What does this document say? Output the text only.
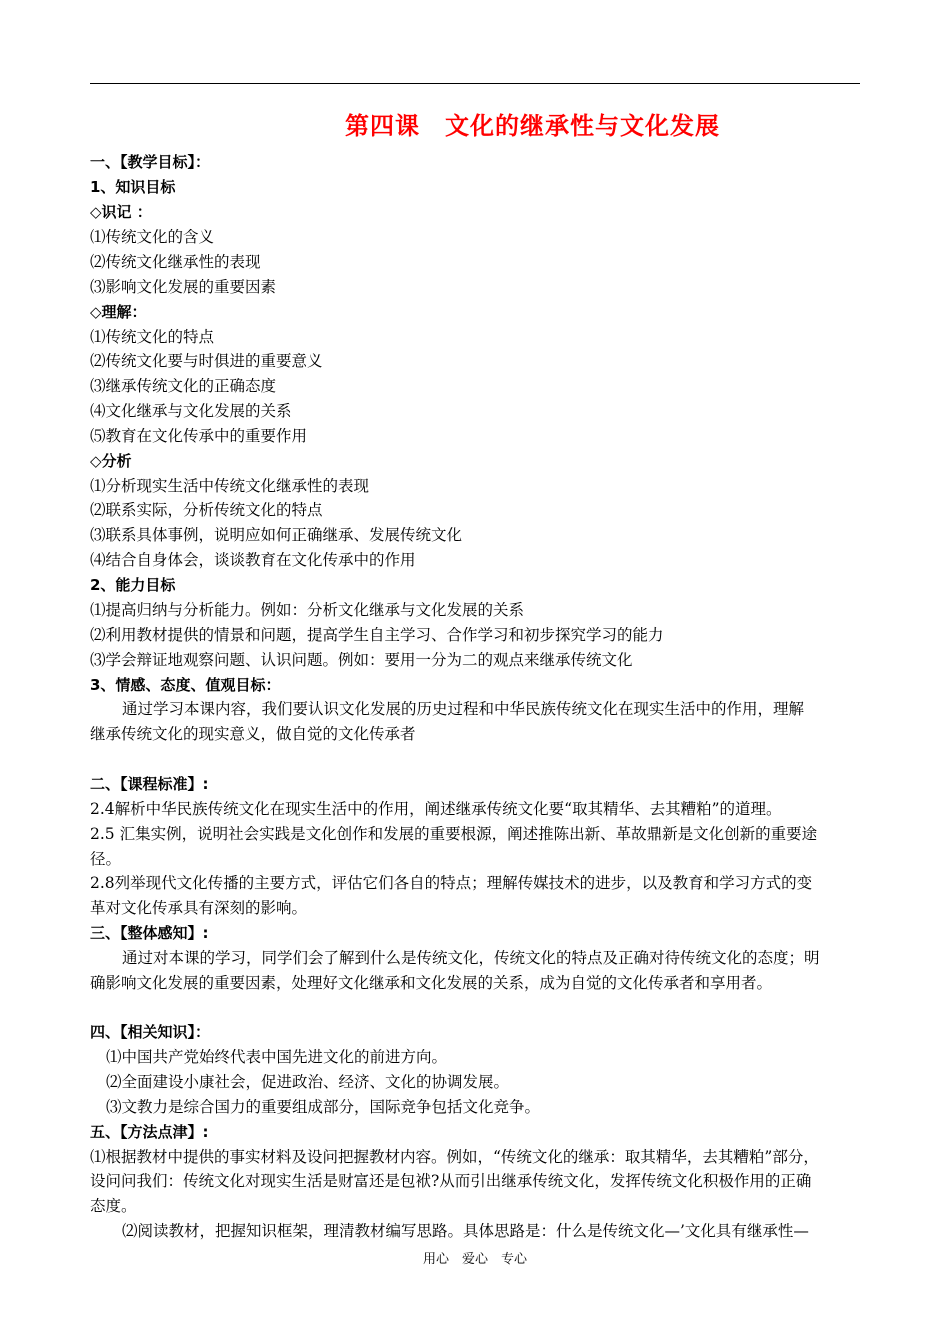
第四课　文化的继承性与文化发展
一、【教学目标】：
1、知识目标
◇识记 ：
⑴传统文化的含义
⑵传统文化继承性的表现
⑶影响文化发展的重要因素
◇理解：
⑴传统文化的特点
⑵传统文化要与时俱进的重要意义
⑶继承传统文化的正确态度
⑷文化继承与文化发展的关系
⑸教育在文化传承中的重要作用
◇分析
⑴分析现实生活中传统文化继承性的表现
⑵联系实际，分析传统文化的特点
⑶联系具体事例，说明应如何正确继承、发展传统文化
⑷结合自身体会，谈谈教育在文化传承中的作用
2、能力目标
⑴提高归纳与分析能力。例如：分析文化继承与文化发展的关系
⑵利用教材提供的情景和问题，提高学生自主学习、合作学习和初步探究学习的能力
⑶学会辩证地观察问题、认识问题。例如：要用一分为二的观点来继承传统文化
3、情感、态度、值观目标：
通过学习本课内容，我们要认识文化发展的历史过程和中华民族传统文化在现实生活中的作用，理解
继承传统文化的现实意义，做自觉的文化传承者
二、【课程标准】:
2.4解析中华民族传统文化在现实生活中的作用，阐述继承传统文化要“取其精华、去其糟粕”的道理。
2.5 汇集实例，说明社会实践是文化创作和发展的重要根源，阐述推陈出新、革故鼎新是文化创新的重要途
径。
2.8列举现代文化传播的主要方式，评估它们各自的特点；理解传媒技术的进步，以及教育和学习方式的变
革对文化传承具有深刻的影响。
三、【整体感知】:
通过对本课的学习，同学们会了解到什么是传统文化，传统文化的特点及正确对待传统文化的态度；明
确影响文化发展的重要因素，处理好文化继承和文化发展的关系，成为自觉的文化传承者和享用者。
四、【相关知识】：
⑴中国共产党始终代表中国先进文化的前进方向。
⑵全面建设小康社会，促进政治、经济、文化的协调发展。
⑶文教力是综合国力的重要组成部分，国际竞争包括文化竞争。
五、【方法点津】:
⑴根据教材中提供的事实材料及设问把握教材内容。例如，“传统文化的继承：取其精华，去其糟粕”部分，
设问问我们：传统文化对现实生活是财富还是包袱?从而引出继承传统文化，发挥传统文化积极作用的正确
态度。
⑵阅读教材，把握知识框架，理清教材编写思路。具体思路是：什么是传统文化—’文化具有继承性—
用心　爱心　专心
